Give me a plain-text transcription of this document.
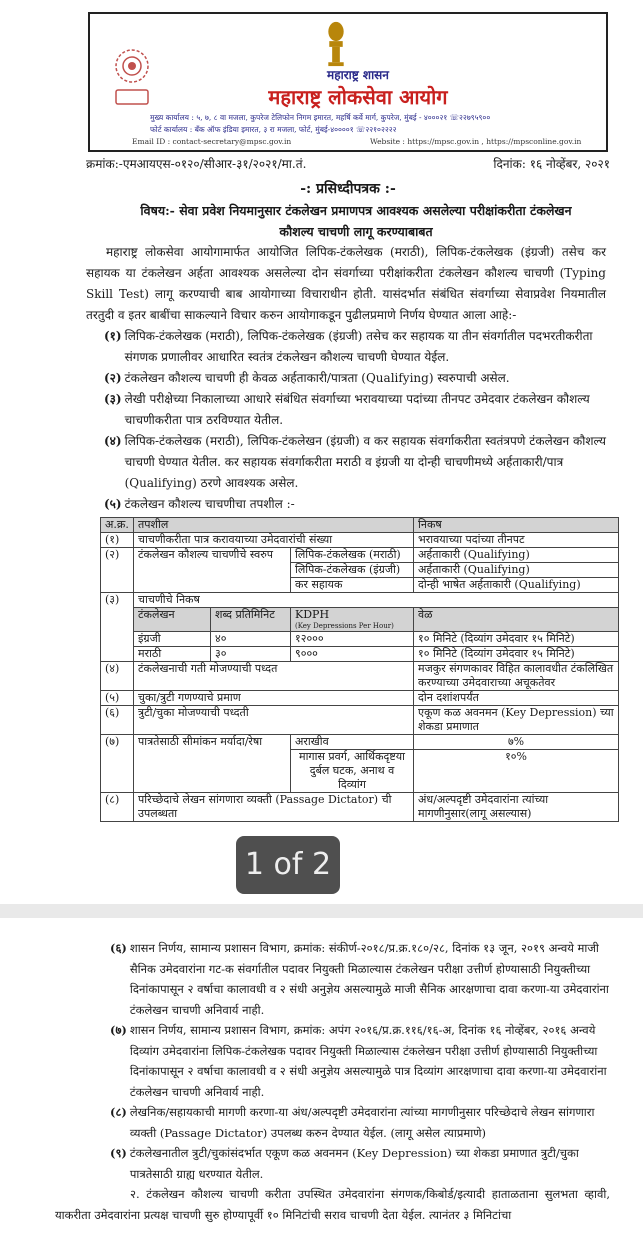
महाराष्ट्र शासन
महाराष्ट्र लोकसेवा आयोग
मुख्य कार्यालय : ५, ७, ८ वा मजला, कुपरेज टेलिफोन निगम इमारत, महर्षि कर्वे मार्ग, कुपरेज, मुंबई - ४०००२१ ☏२२७९५९००
फोर्ट कार्यालय : बँक ऑफ इंडिया इमारत, ३ रा मजला, फोर्ट, मुंबई-४००००१ ☏२२१०२२२२
Email ID : contact-secretary@mpsc.gov.in	Website : https://mpsc.gov.in , https://mpsconline.gov.in
क्रमांक:-एमआयएस-०१२०/सीआर-३१/२०२१/मा.तं.	दिनांक: १६ नोव्हेंबर, २०२१
-: प्रसिध्दीपत्रक :-
विषय:- सेवा प्रवेश नियमानुसार टंकलेखन प्रमाणपत्र आवश्यक असलेल्या परीक्षांकरीता टंकलेखन
कौशल्य चाचणी लागू करण्याबाबत
महाराष्ट्र लोकसेवा आयोगामार्फत आयोजित लिपिक-टंकलेखक (मराठी), लिपिक-टंकलेखक (इंग्रजी) तसेच कर सहायक या टंकलेखन अर्हता आवश्यक असलेल्या दोन संवर्गाच्या परीक्षांकरीता टंकलेखन कौशल्य चाचणी (Typing Skill Test) लागू करण्याची बाब आयोगाच्या विचाराधीन होती. यासंदर्भात संबंधित संवर्गाच्या सेवाप्रवेश नियमातील तरतुदी व इतर बाबींचा साकल्याने विचार करुन आयोगाकडून पुढीलप्रमाणे निर्णय घेण्यात आला आहे:-
(१) लिपिक-टंकलेखक (मराठी), लिपिक-टंकलेखक (इंग्रजी) तसेच कर सहायक या तीन संवर्गातील पदभरतीकरीता संगणक प्रणालीवर आधारित स्वतंत्र टंकलेखन कौशल्य चाचणी घेण्यात येईल.
(२) टंकलेखन कौशल्य चाचणी ही केवळ अर्हताकारी/पात्रता (Qualifying) स्वरुपाची असेल.
(३) लेखी परीक्षेच्या निकालाच्या आधारे संबंधित संवर्गाच्या भरावयाच्या पदांच्या तीनपट उमेदवार टंकलेखन कौशल्य चाचणीकरीता पात्र ठरविण्यात येतील.
(४) लिपिक-टंकलेखक (मराठी), लिपिक-टंकलेखन (इंग्रजी) व कर सहायक संवर्गाकरीता स्वतंत्रपणे टंकलेखन कौशल्य चाचणी घेण्यात येतील. कर सहायक संवर्गाकरीता मराठी व इंग्रजी या दोन्ही चाचणीमध्ये अर्हताकारी/पात्र (Qualifying) ठरणे आवश्यक असेल.
(५) टंकलेखन कौशल्य चाचणीचा तपशील :-
अ.क्र.	तपशील			निकष
(१)	चाचणीकरीता पात्र करावयाच्या उमेदवारांची संख्या			भरावयाच्या पदांच्या तीनपट
(२)	टंकलेखन कौशल्य चाचणीचे स्वरुप		लिपिक-टंकलेखक (मराठी)	अर्हताकारी (Qualifying)
			लिपिक-टंकलेखक (इंग्रजी)	अर्हताकारी (Qualifying)
			कर सहायक	दोन्ही भाषेत अर्हताकारी (Qualifying)
(३)	चाचणीचे निकष			
	टंकलेखन	शब्द प्रतिमिनिट	KDPH
(Key Depressions Per Hour)	वेळ
	इंग्रजी	४०	१२०००	१० मिनिटे (दिव्यांग उमेदवार १५ मिनिटे)
	मराठी	३०	९०००	१० मिनिटे (दिव्यांग उमेदवार १५ मिनिटे)
(४)	टंकलेखनाची गती मोजण्याची पध्दत			मजकुर संगणकावर विहित कालावधीत टंकलिखित करण्याच्या उमेदवाराच्या अचूकतेवर
(५)	चुका/त्रुटी गणण्याचे प्रमाण			दोन दशांशपर्यंत
(६)	त्रुटी/चुका मोजण्याची पध्दती			एकूण कळ अवनमन (Key Depression) च्या शेकडा प्रमाणात
(७)	पात्रतेसाठी सीमांकन मर्यादा/रेषा		अराखीव	७%
			मागास प्रवर्ग, आर्थिकदृष्टया दुर्बल घटक, अनाथ व दिव्यांग	१०%
(८)	परिच्छेदाचे लेखन सांगणारा व्यक्ती (Passage Dictator) ची उपलब्धता			अंध/अल्पदृष्टी उमेदवारांना त्यांच्या मागणीनुसार(लागू असल्यास)
1 of 2
(६) शासन निर्णय, सामान्य प्रशासन विभाग, क्रमांक: संकीर्ण-२०१८/प्र.क्र.१८०/२८, दिनांक १३ जून, २०१९ अन्वये माजी सैनिक उमेदवारांना गट-क संवर्गातील पदावर नियुक्ती मिळाल्यास टंकलेखन परीक्षा उत्तीर्ण होण्यासाठी नियुक्तीच्या दिनांकापासून २ वर्षाचा कालावधी व २ संधी अनुज्ञेय असल्यामुळे माजी सैनिक आरक्षणाचा दावा करणा-या उमेदवारांना टंकलेखन चाचणी अनिवार्य नाही.
(७) शासन निर्णय, सामान्य प्रशासन विभाग, क्रमांक: अपंग २०१६/प्र.क्र.११६/१६-अ, दिनांक १६ नोव्हेंबर, २०१६ अन्वये दिव्यांग उमेदवारांना लिपिक-टंकलेखक पदावर नियुक्ती मिळाल्यास टंकलेखन परीक्षा उत्तीर्ण होण्यासाठी नियुक्तीच्या दिनांकापासून २ वर्षाचा कालावधी व २ संधी अनुज्ञेय असल्यामुळे पात्र दिव्यांग आरक्षणाचा दावा करणा-या उमेदवारांना टंकलेखन चाचणी अनिवार्य नाही.
(८) लेखनिक/सहायकाची मागणी करणा-या अंध/अल्पदृष्टी उमेदवारांना त्यांच्या मागणीनुसार परिच्छेदाचे लेखन सांगणारा व्यक्ती (Passage Dictator) उपलब्ध करुन देण्यात येईल. (लागू असेल त्याप्रमाणे)
(९) टंकलेखनातील त्रुटी/चुकांसंदर्भात एकूण कळ अवनमन (Key Depression) च्या शेकडा प्रमाणात त्रुटी/चुका पात्रतेसाठी ग्राह्य धरण्यात येतील.
२. टंकलेखन कौशल्य चाचणी करीता उपस्थित उमेदवारांना संगणक/किबोर्ड/इत्यादी हाताळताना सुलभता व्हावी, याकरीता उमेदवारांना प्रत्यक्ष चाचणी सुरु होण्यापूर्वी १० मिनिटांची सराव चाचणी देता येईल. त्यानंतर ३ मिनिटांचा
